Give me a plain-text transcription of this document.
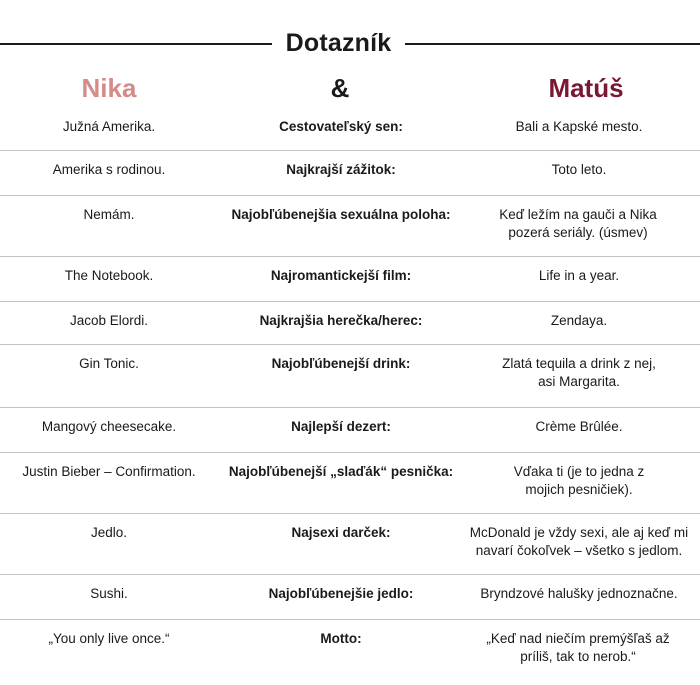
Dotazník
Nika	&	Matúš
Južná Amerika.	Cestovateľský sen:	Bali a Kapské mesto.
Amerika s rodinou.	Najkrajší zážitok:	Toto leto.
Nemám.	Najobľúbenejšia sexuálna poloha:	Keď ležím na gauči a Nika pozerá seriály. (úsmev)
The Notebook.	Najromantickejší film:	Life in a year.
Jacob Elordi.	Najkrajšia herečka/herec:	Zendaya.
Gin Tonic.	Najobľúbenejší drink:	Zlatá tequila a drink z nej, asi Margarita.
Mangový cheesecake.	Najlepší dezert:	Crème Brûlée.
Justin Bieber – Confirmation.	Najobľúbenejší „slaďák“ pesnička:	Vďaka ti (je to jedna z mojich pesničiek).
Jedlo.	Najsexi darček:	McDonald je vždy sexi, ale aj keď mi navarí čokoľvek – všetko s jedlom.
Sushi.	Najobľúbenejšie jedlo:	Bryndzové halušky jednoznačne.
„You only live once.“	Motto:	„Keď nad niečím premýšľaš až príliš, tak to nerob.“
